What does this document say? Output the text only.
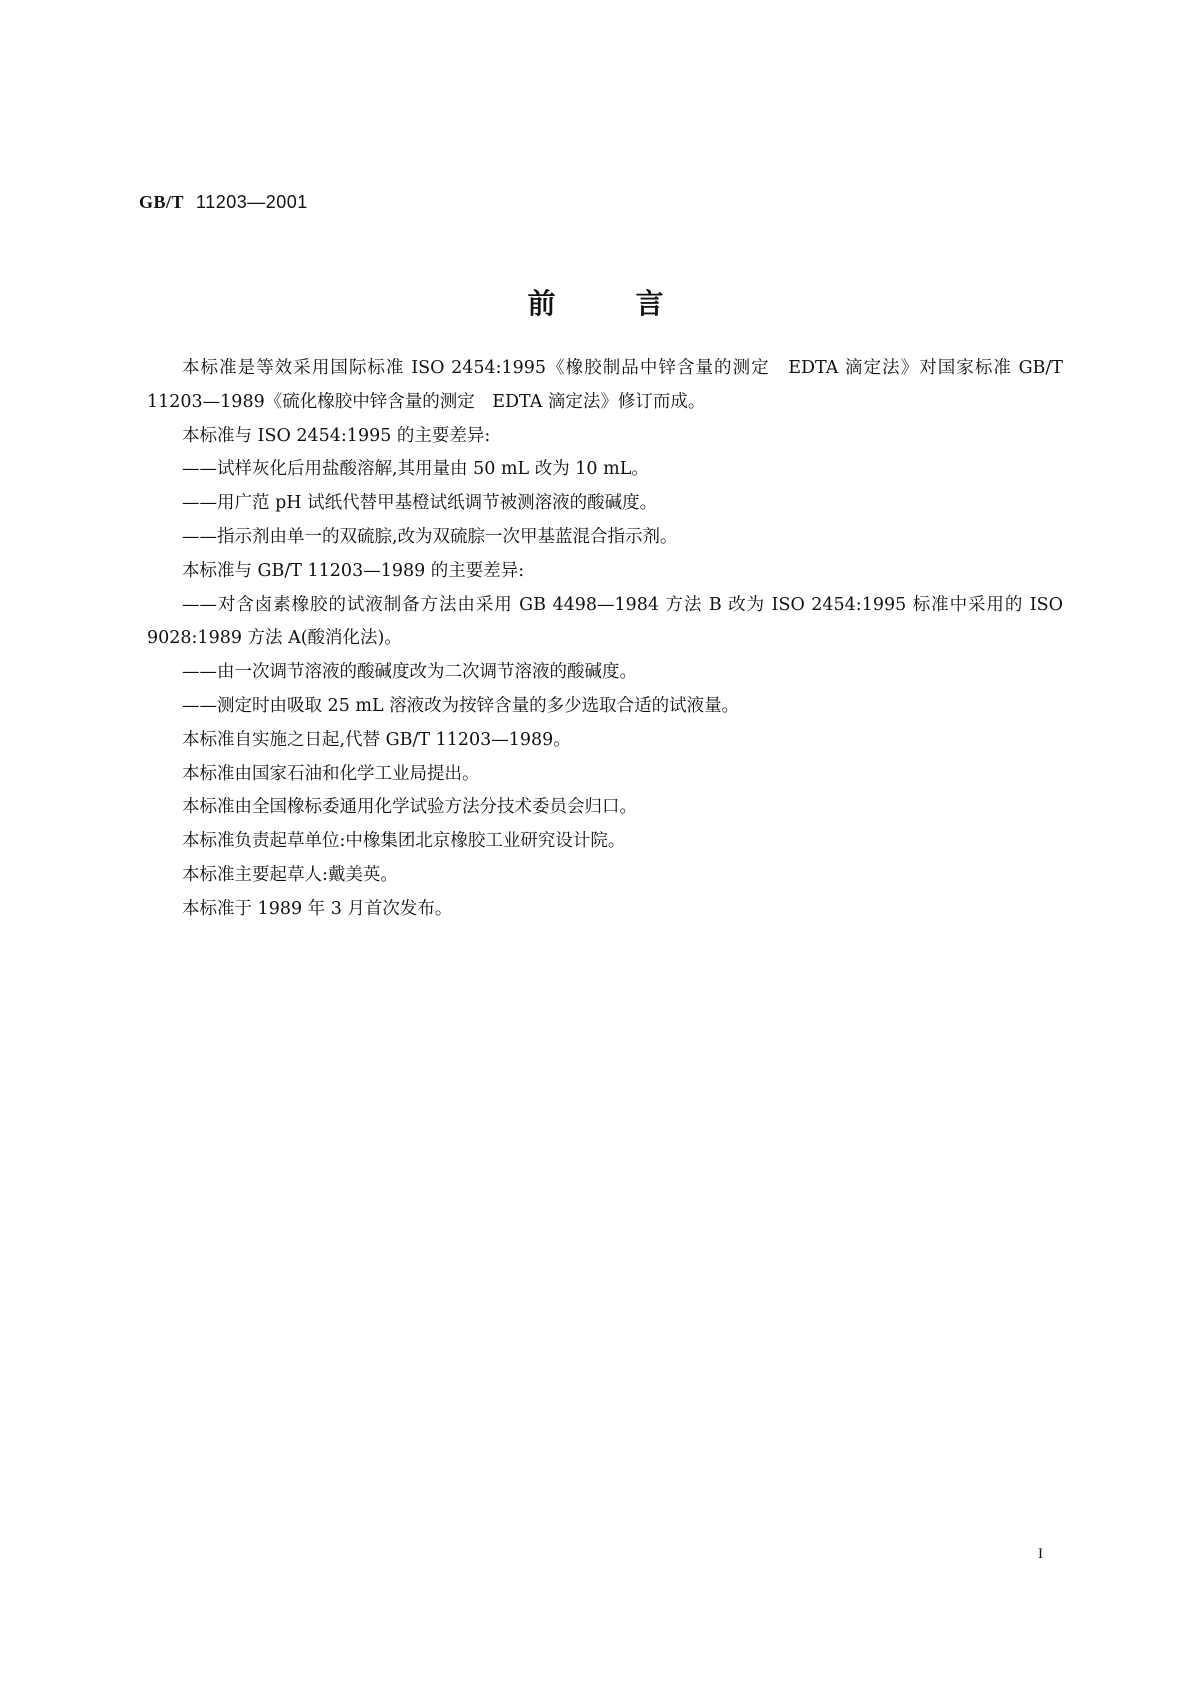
GB/T 11203—2001
前	言

本标准是等效采用国际标准 ISO 2454:1995《橡胶制品中锌含量的测定　EDTA 滴定法》对国家标准 GB/T 11203—1989《硫化橡胶中锌含量的测定　EDTA 滴定法》修订而成。

本标准与 ISO 2454:1995 的主要差异:

——试样灰化后用盐酸溶解,其用量由 50 mL 改为 10 mL。

——用广范 pH 试纸代替甲基橙试纸调节被测溶液的酸碱度。

——指示剂由单一的双硫腙,改为双硫腙一次甲基蓝混合指示剂。

本标准与 GB/T 11203—1989 的主要差异:

——对含卤素橡胶的试液制备方法由采用 GB 4498—1984 方法 B 改为 ISO 2454:1995 标准中采用的 ISO 9028:1989 方法 A(酸消化法)。

——由一次调节溶液的酸碱度改为二次调节溶液的酸碱度。

——测定时由吸取 25 mL 溶液改为按锌含量的多少选取合适的试液量。

本标准自实施之日起,代替 GB/T 11203—1989。

本标准由国家石油和化学工业局提出。

本标准由全国橡标委通用化学试验方法分技术委员会归口。

本标准负责起草单位:中橡集团北京橡胶工业研究设计院。

本标准主要起草人:戴美英。

本标准于 1989 年 3 月首次发布。

I
